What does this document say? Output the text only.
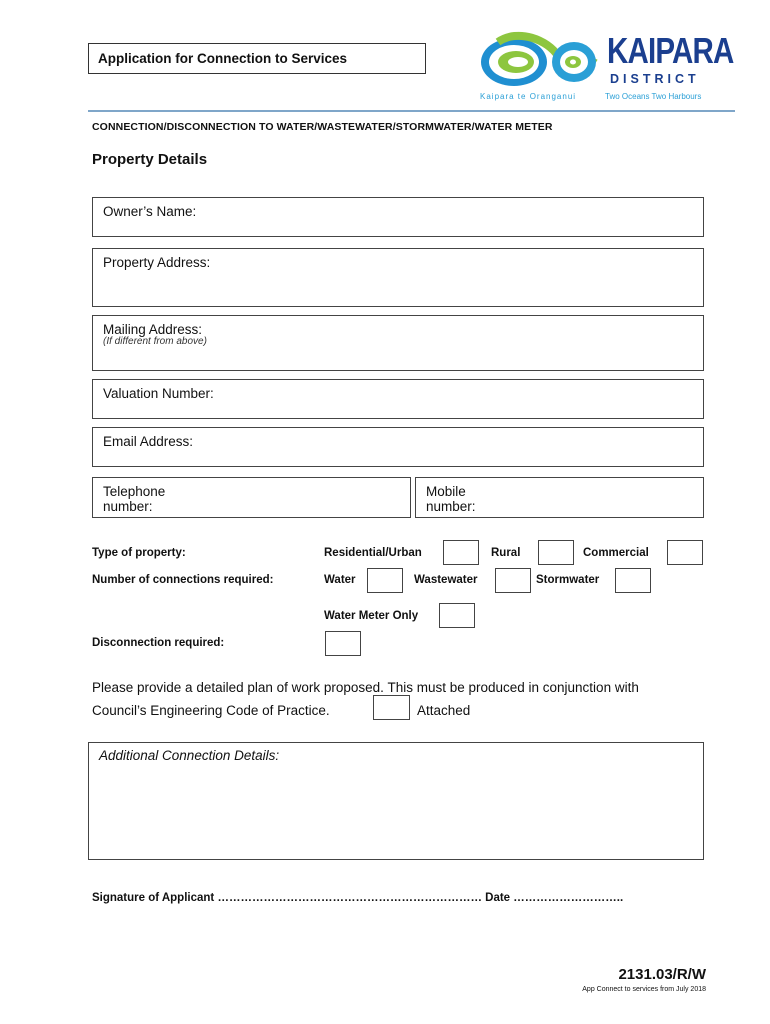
Application for Connection to Services	KAIPARA
DISTRICT
Kaipara te Oranganui	Two Oceans Two Harbours
CONNECTION/DISCONNECTION TO WATER/WASTEWATER/STORMWATER/WATER METER
Property Details
Owner’s Name:
Property Address:
Mailing Address:
(If different from above)
Valuation Number:
Email Address:
Telephone
number:
Mobile
number:
Type of property:	Residential/Urban	Rural	Commercial
Number of connections required:	Water	Wastewater	Stormwater
Water Meter Only
Disconnection required:
Please provide a detailed plan of work proposed. This must be produced in conjunction with
Council’s Engineering Code of Practice.	Attached
Additional Connection Details:
Signature of Applicant …………………………………………………………… Date ………………………..
2131.03/R/W
App Connect to services from July 2018
